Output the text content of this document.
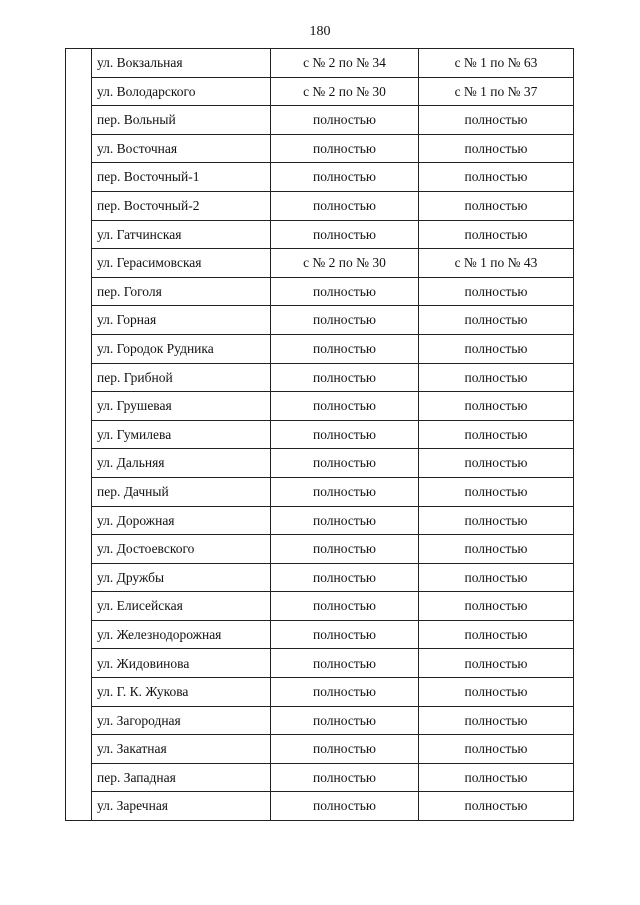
180
	ул. Вокзальная	с № 2 по № 34	с № 1 по № 63
	ул. Володарского	с № 2 по № 30	с № 1 по № 37
	пер. Вольный	полностью	полностью
	ул. Восточная	полностью	полностью
	пер. Восточный-1	полностью	полностью
	пер. Восточный-2	полностью	полностью
	ул. Гатчинская	полностью	полностью
	ул. Герасимовская	с № 2 по № 30	с № 1 по № 43
	пер. Гоголя	полностью	полностью
	ул. Горная	полностью	полностью
	ул. Городок Рудника	полностью	полностью
	пер. Грибной	полностью	полностью
	ул. Грушевая	полностью	полностью
	ул. Гумилева	полностью	полностью
	ул. Дальняя	полностью	полностью
	пер. Дачный	полностью	полностью
	ул. Дорожная	полностью	полностью
	ул. Достоевского	полностью	полностью
	ул. Дружбы	полностью	полностью
	ул. Елисейская	полностью	полностью
	ул. Железнодорожная	полностью	полностью
	ул. Жидовинова	полностью	полностью
	ул. Г. К. Жукова	полностью	полностью
	ул. Загородная	полностью	полностью
	ул. Закатная	полностью	полностью
	пер. Западная	полностью	полностью
	ул. Заречная	полностью	полностью
